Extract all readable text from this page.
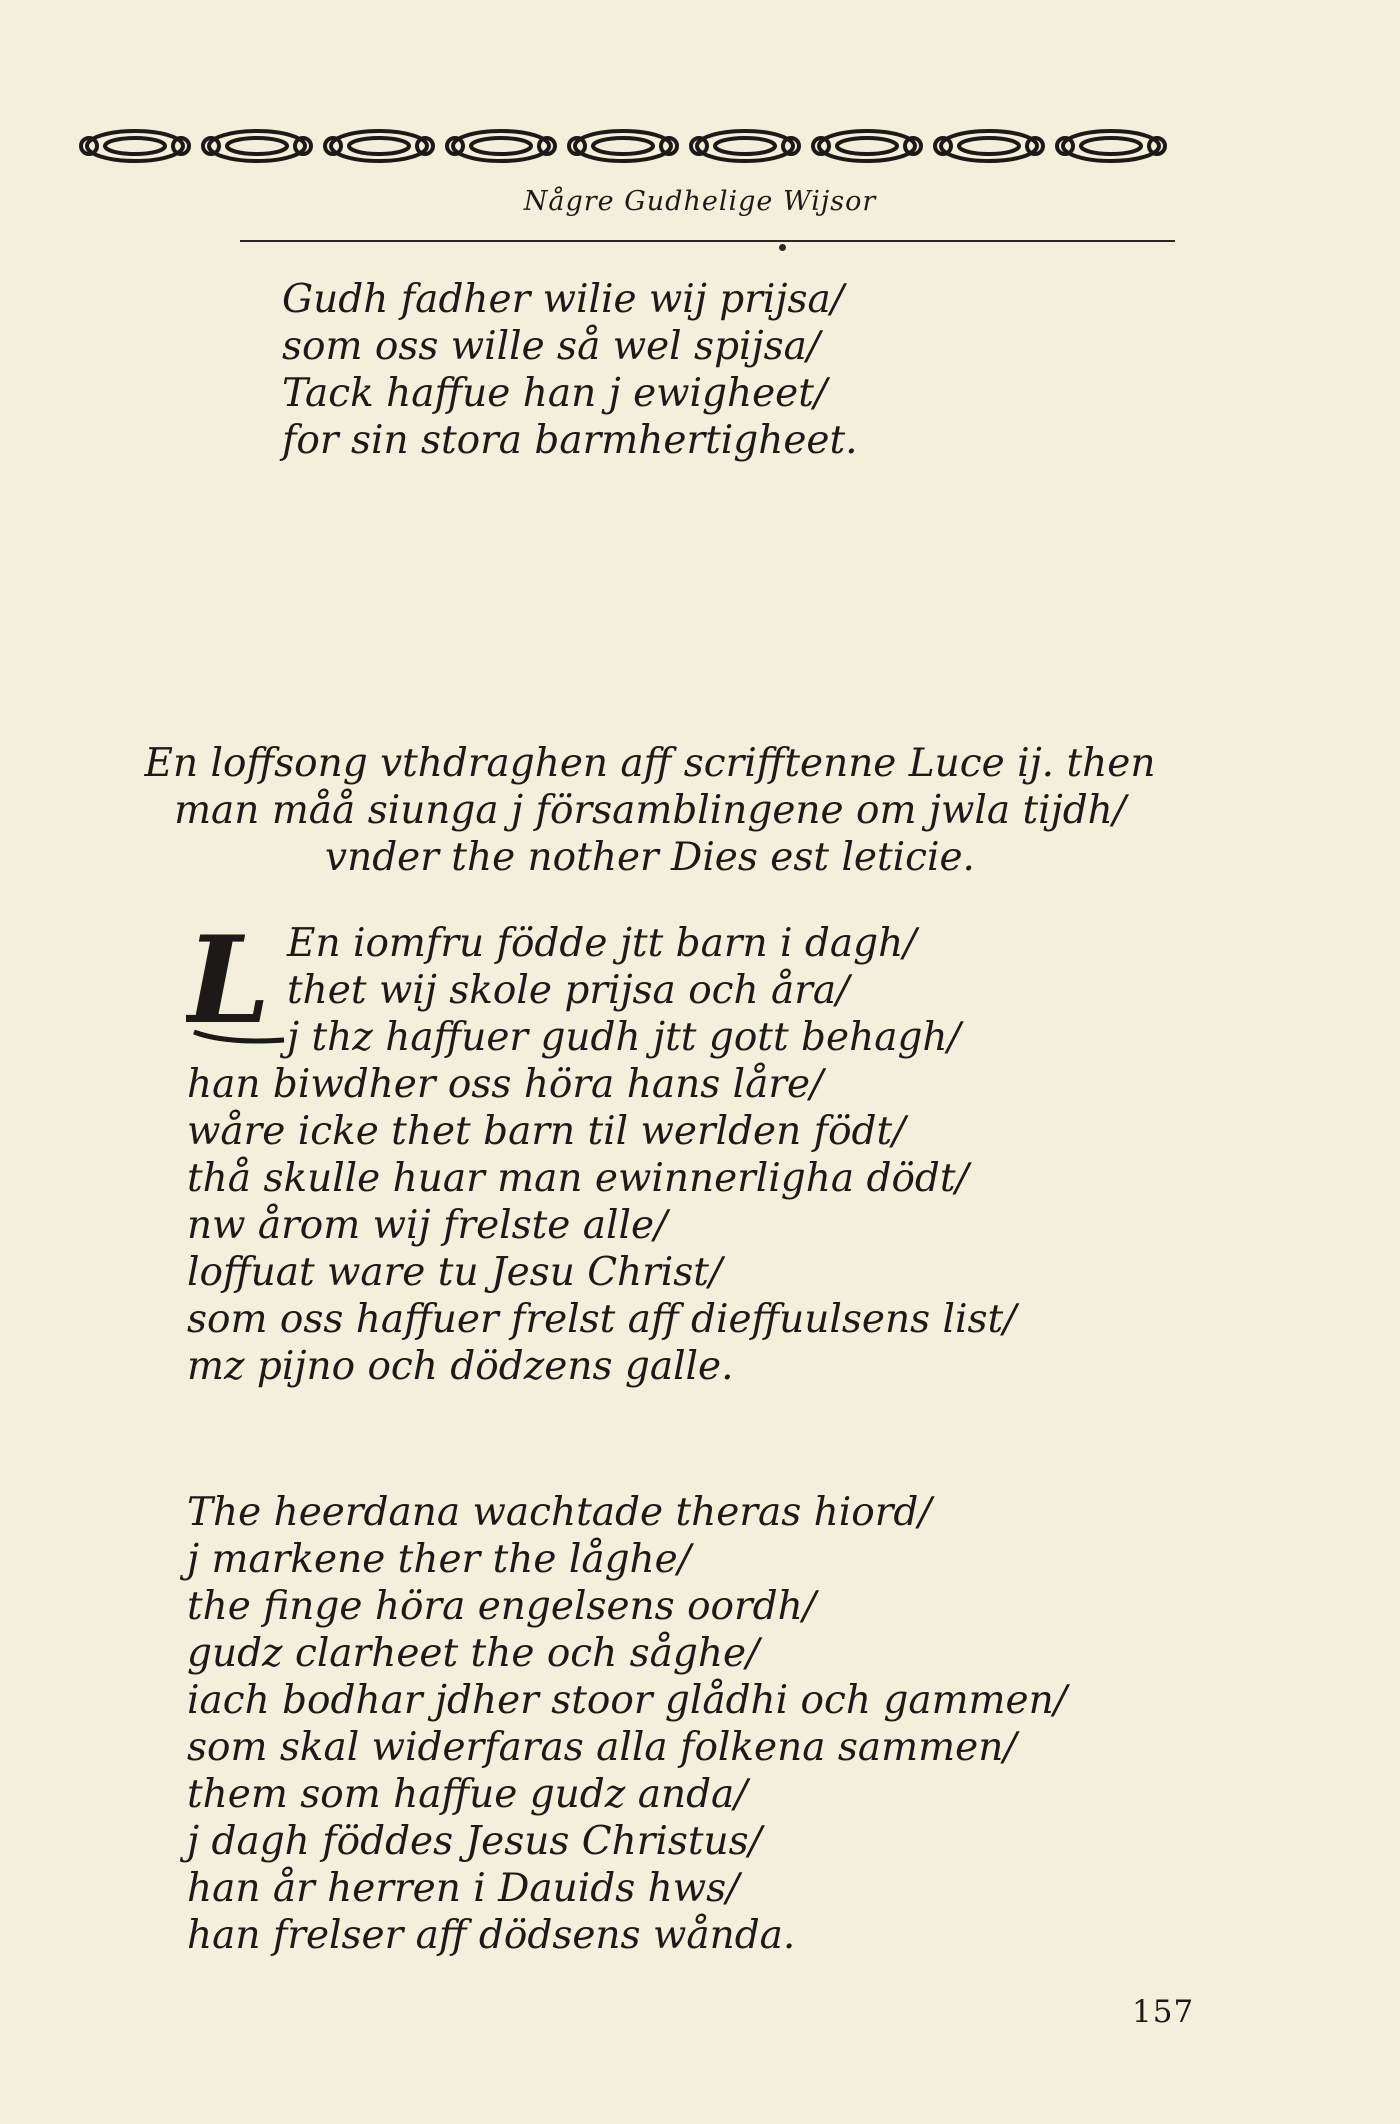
Någre Gudhelige Wijsor
Gudh fadher wilie wij prijsa/
som oss wille så wel spijsa/
Tack haffue han j ewigheet/
for sin stora barmhertigheet.
En loffsong vthdraghen aff scrifftenne Luce ij. then
man måå siunga j församblingene om jwla tijdh/
vnder the nother Dies est leticie.
L En iomfru födde jtt barn i dagh/
thet wij skole prijsa och åra/
j thz haffuer gudh jtt gott behagh/
han biwdher oss höra hans låre/
wåre icke thet barn til werlden födt/
thå skulle huar man ewinnerligha dödt/
nw årom wij frelste alle/
loffuat ware tu Jesu Christ/
som oss haffuer frelst aff dieffuulsens list/
mz pijno och dödzens galle.
The heerdana wachtade theras hiord/
j markene ther the låghe/
the finge höra engelsens oordh/
gudz clarheet the och såghe/
iach bodhar jdher stoor glådhi och gammen/
som skal widerfaras alla folkena sammen/
them som haffue gudz anda/
j dagh föddes Jesus Christus/
han år herren i Dauids hws/
han frelser aff dödsens wånda.
157
